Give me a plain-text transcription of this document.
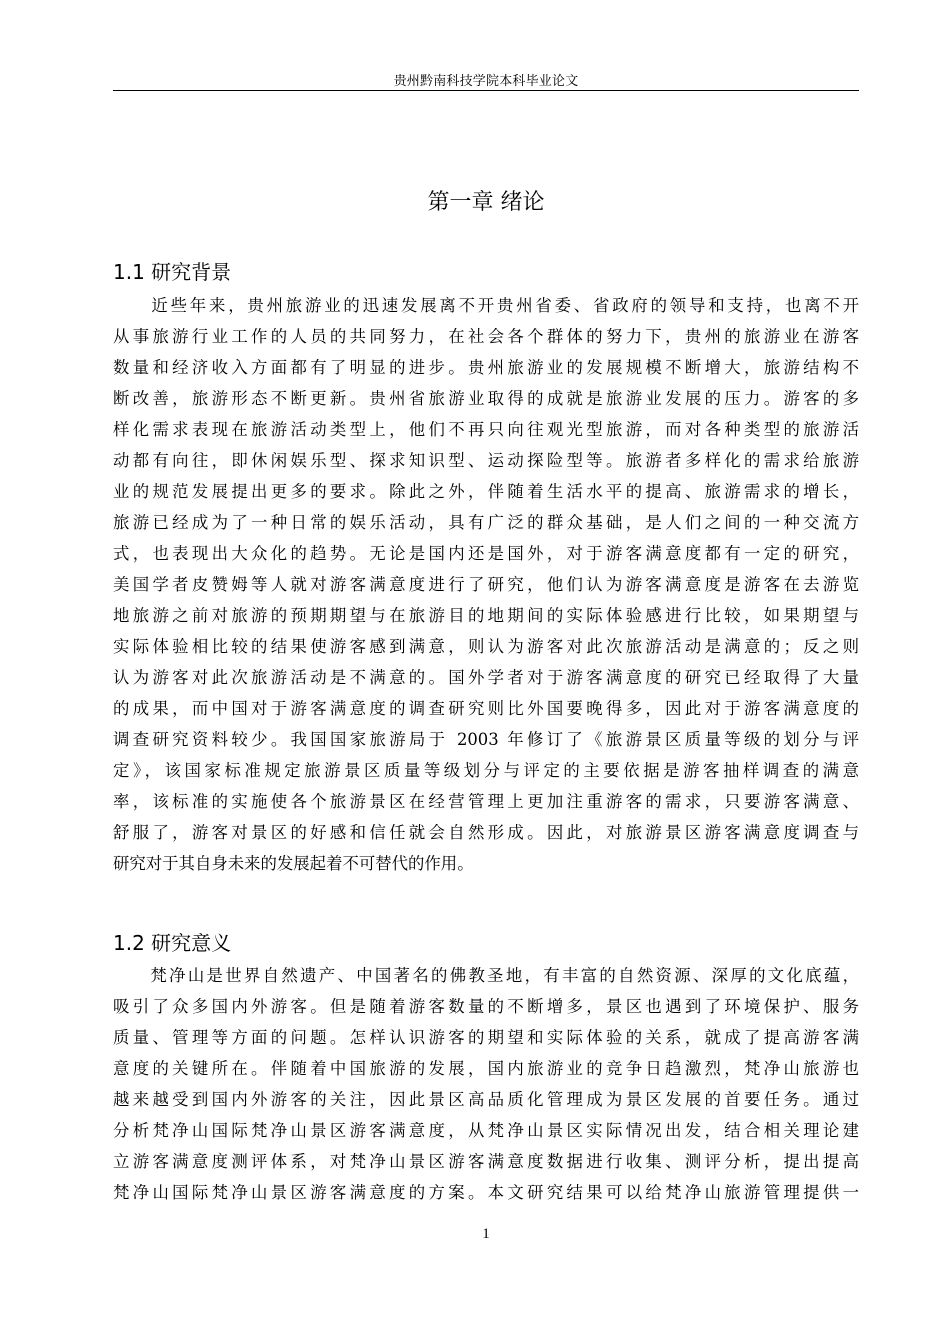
贵州黔南科技学院本科毕业论文
第一章 绪论
1.1 研究背景
　　近些年来，贵州旅游业的迅速发展离不开贵州省委、省政府的领导和支持，也离不开
从事旅游行业工作的人员的共同努力，在社会各个群体的努力下，贵州的旅游业在游客
数量和经济收入方面都有了明显的进步。贵州旅游业的发展规模不断增大，旅游结构不
断改善，旅游形态不断更新。贵州省旅游业取得的成就是旅游业发展的压力。游客的多
样化需求表现在旅游活动类型上，他们不再只向往观光型旅游，而对各种类型的旅游活
动都有向往，即休闲娱乐型、探求知识型、运动探险型等。旅游者多样化的需求给旅游
业的规范发展提出更多的要求。除此之外，伴随着生活水平的提高、旅游需求的增长，
旅游已经成为了一种日常的娱乐活动，具有广泛的群众基础，是人们之间的一种交流方
式，也表现出大众化的趋势。无论是国内还是国外，对于游客满意度都有一定的研究，
美国学者皮赞姆等人就对游客满意度进行了研究，他们认为游客满意度是游客在去游览
地旅游之前对旅游的预期期望与在旅游目的地期间的实际体验感进行比较，如果期望与
实际体验相比较的结果使游客感到满意，则认为游客对此次旅游活动是满意的；反之则
认为游客对此次旅游活动是不满意的。国外学者对于游客满意度的研究已经取得了大量
的成果，而中国对于游客满意度的调查研究则比外国要晚得多，因此对于游客满意度的
调查研究资料较少。我国国家旅游局于 2003 年修订了《旅游景区质量等级的划分与评
定》，该国家标准规定旅游景区质量等级划分与评定的主要依据是游客抽样调查的满意
率，该标准的实施使各个旅游景区在经营管理上更加注重游客的需求，只要游客满意、
舒服了，游客对景区的好感和信任就会自然形成。因此，对旅游景区游客满意度调查与
研究对于其自身未来的发展起着不可替代的作用。
1.2 研究意义
　　梵净山是世界自然遗产、中国著名的佛教圣地，有丰富的自然资源、深厚的文化底蕴，
吸引了众多国内外游客。但是随着游客数量的不断增多，景区也遇到了环境保护、服务
质量、管理等方面的问题。怎样认识游客的期望和实际体验的关系，就成了提高游客满
意度的关键所在。伴随着中国旅游的发展，国内旅游业的竞争日趋激烈，梵净山旅游也
越来越受到国内外游客的关注，因此景区高品质化管理成为景区发展的首要任务。通过
分析梵净山国际梵净山景区游客满意度，从梵净山景区实际情况出发，结合相关理论建
立游客满意度测评体系，对梵净山景区游客满意度数据进行收集、测评分析，提出提高
梵净山国际梵净山景区游客满意度的方案。本文研究结果可以给梵净山旅游管理提供一
1
